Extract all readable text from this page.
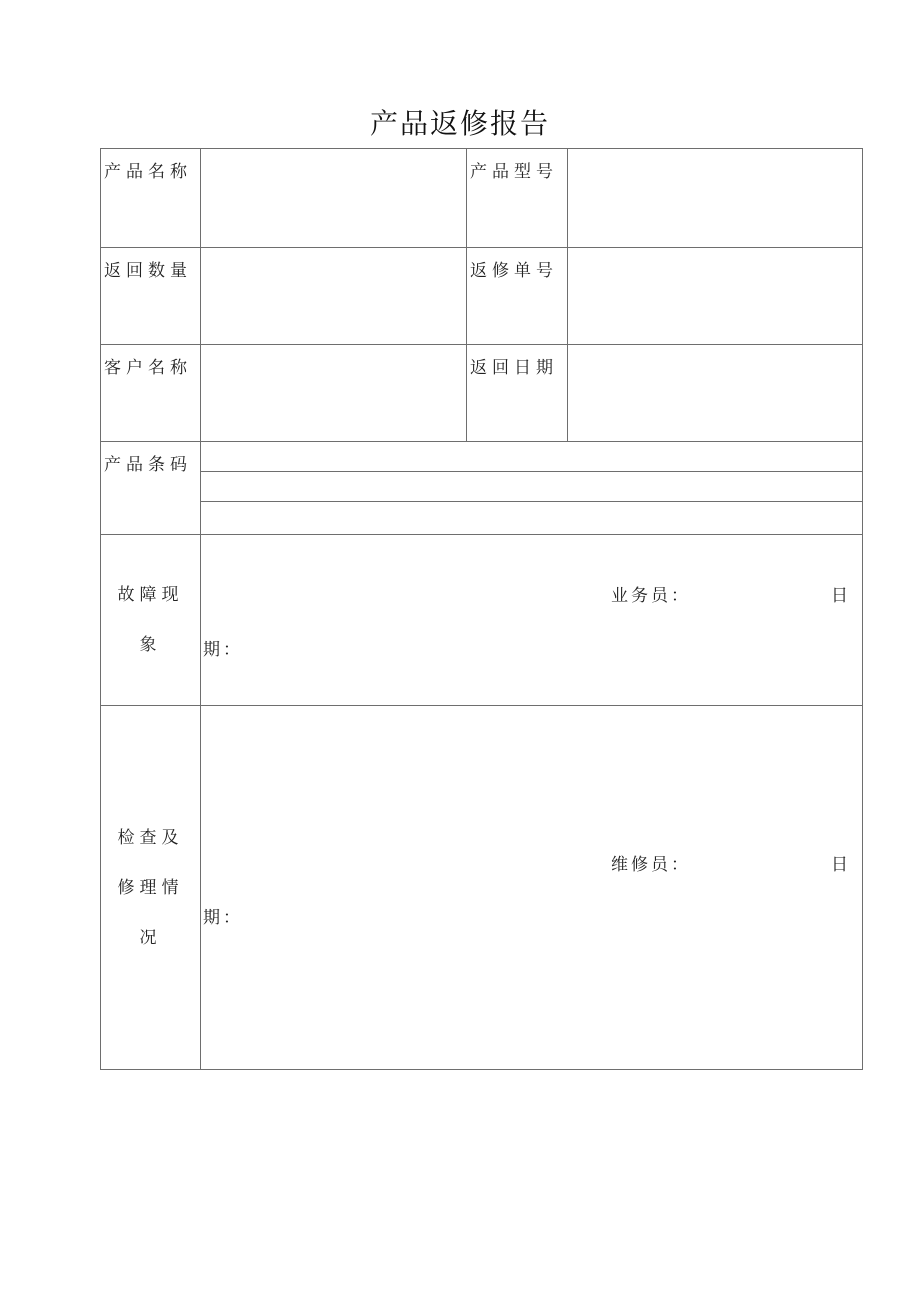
产品返修报告
产品名称		产品型号	

返回数量		返修单号	

客户名称		返回日期	

产品条码			

故障现象	业务员： 日
期：		

检查及修理情况	维修员： 日
期：		
